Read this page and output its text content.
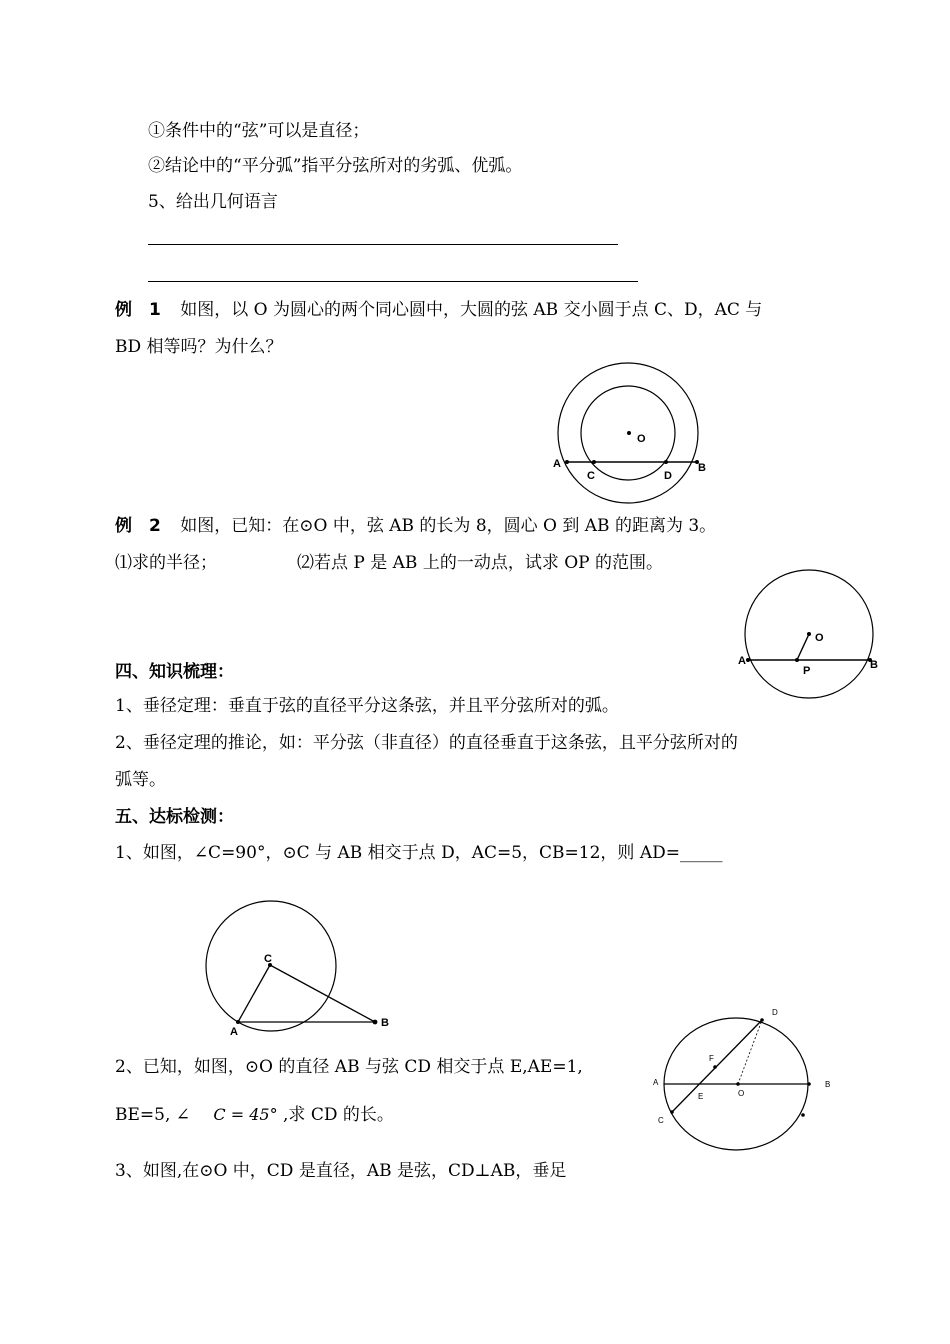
①条件中的“弦”可以是直径；
②结论中的“平分弧”指平分弦所对的劣弧、优弧。
5、给出几何语言
例　1 如图，以 O 为圆心的两个同心圆中，大圆的弦 AB 交小圆于点 C、D，AC 与
BD 相等吗？为什么？
O
A	B
C	D
例　2 如图，已知：在⊙O 中，弦 AB 的长为 8，圆心 O 到 AB 的距离为 3。
⑴求的半径；	⑵若点 P 是 AB 上的一动点，试求 OP 的范围。
O
A	B
P
四、知识梳理：
1、垂径定理：垂直于弦的直径平分这条弦，并且平分弦所对的弧。
2、垂径定理的推论，如：平分弦（非直径）的直径垂直于这条弦，且平分弦所对的
弧等。
五、达标检测：
1、如图，∠C=90°，⊙C 与 AB 相交于点 D，AC=5，CB=12，则 AD=_____
C
A
B
2、已知，如图，⊙O 的直径 AB 与弦 CD 相交于点 E,AE=1,
BE=5, ∠ C = 45° ,求 CD 的长。
D
F
A	B
E	O
C
3、如图,在⊙O 中，CD 是直径，AB 是弦，CD⊥AB，垂足
